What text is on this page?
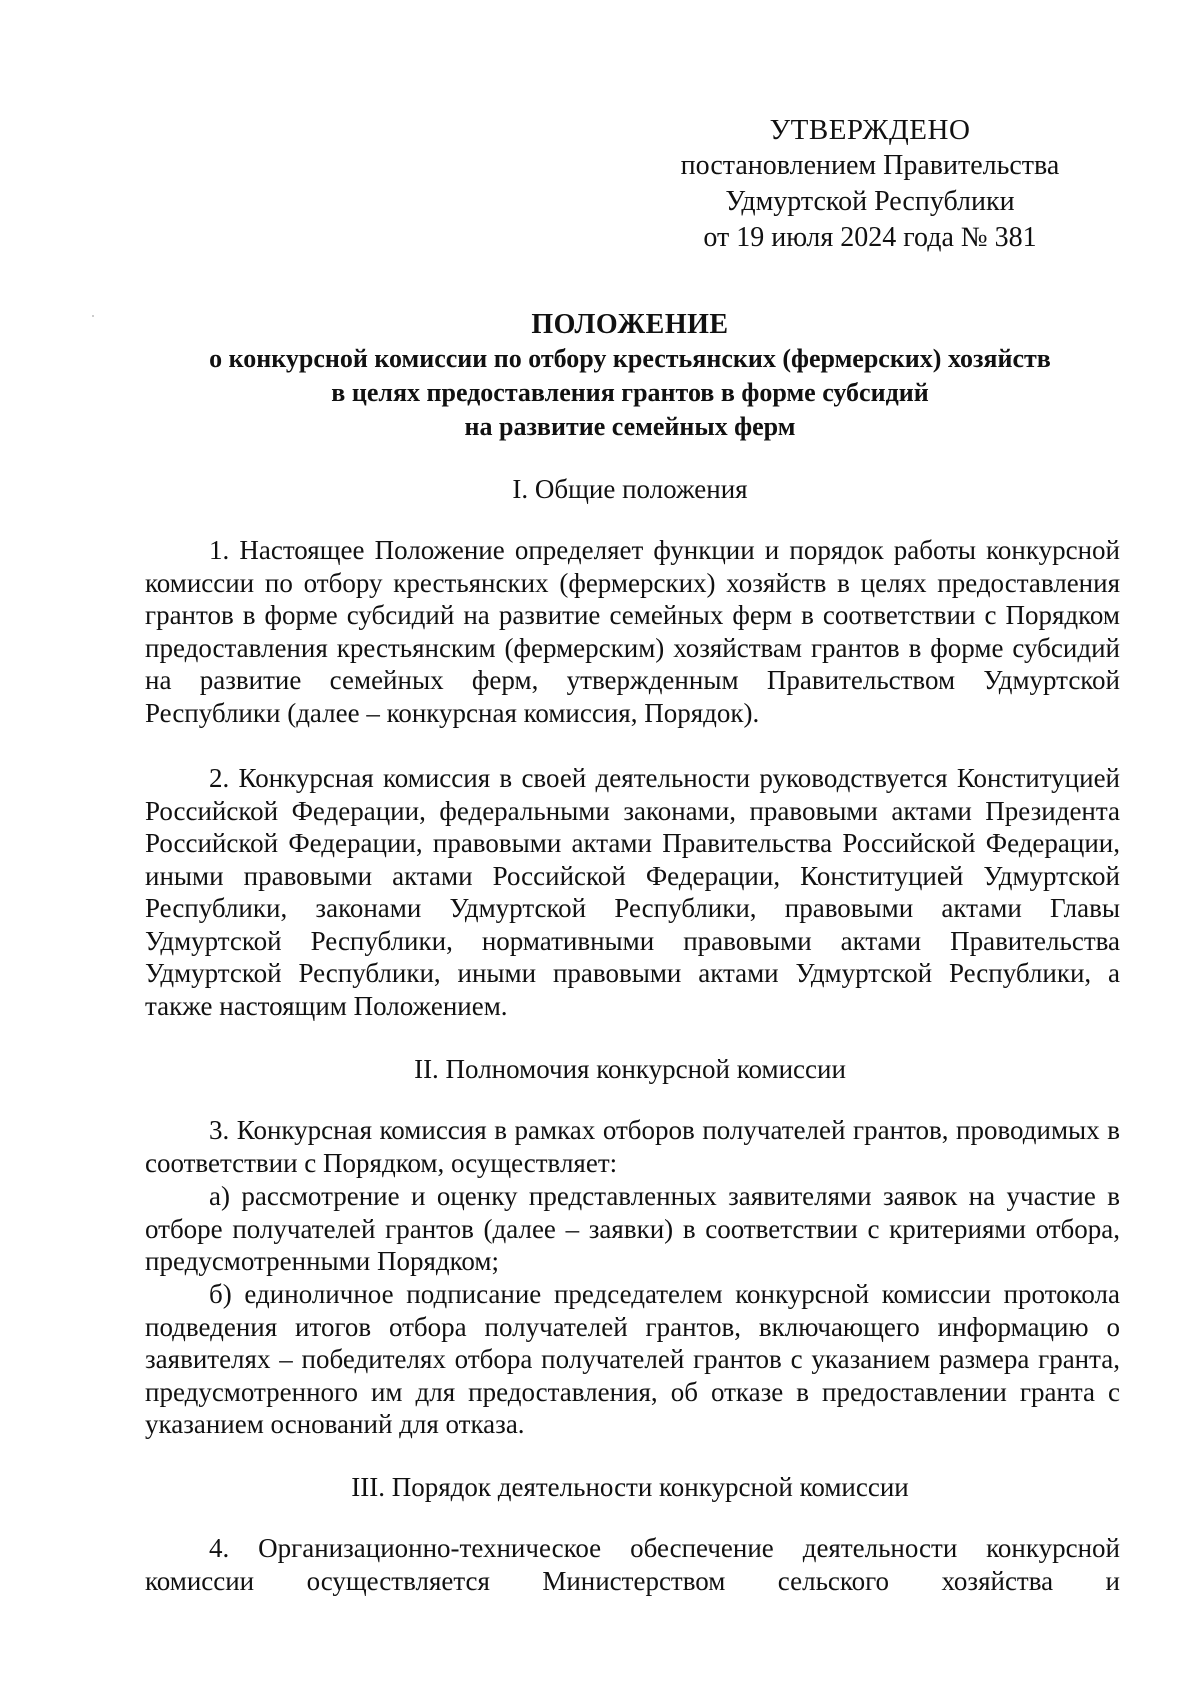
УТВЕРЖДЕНО
постановлением Правительства
Удмуртской Республики
от 19 июля 2024 года № 381
ПОЛОЖЕНИЕ
о конкурсной комиссии по отбору крестьянских (фермерских) хозяйств
в целях предоставления грантов в форме субсидий
на развитие семейных ферм
I. Общие положения

1. Настоящее Положение определяет функции и порядок работы конкурсной комиссии по отбору крестьянских (фермерских) хозяйств в целях предоставления грантов в форме субсидий на развитие семейных ферм в соответствии с Порядком предоставления крестьянским (фермерским) хозяйствам грантов в форме субсидий на развитие семейных ферм, утвержденным Правительством Удмуртской Республики (далее – конкурсная комиссия, Порядок).

2. Конкурсная комиссия в своей деятельности руководствуется Конституцией Российской Федерации, федеральными законами, правовыми актами Президента Российской Федерации, правовыми актами Правительства Российской Федерации, иными правовыми актами Российской Федерации, Конституцией Удмуртской Республики, законами Удмуртской Республики, правовыми актами Главы Удмуртской Республики, нормативными правовыми актами Правительства Удмуртской Республики, иными правовыми актами Удмуртской Республики, а также настоящим Положением.

II. Полномочия конкурсной комиссии

3. Конкурсная комиссия в рамках отборов получателей грантов, проводимых в соответствии с Порядком, осуществляет:

а) рассмотрение и оценку представленных заявителями заявок на участие в отборе получателей грантов (далее – заявки) в соответствии с критериями отбора, предусмотренными Порядком;

б) единоличное подписание председателем конкурсной комиссии протокола подведения итогов отбора получателей грантов, включающего информацию о заявителях – победителях отбора получателей грантов с указанием размера гранта, предусмотренного им для предоставления, об отказе в предоставлении гранта с указанием оснований для отказа.

III. Порядок деятельности конкурсной комиссии

4. Организационно-техническое обеспечение деятельности конкурсной комиссии осуществляется Министерством сельского хозяйства и
